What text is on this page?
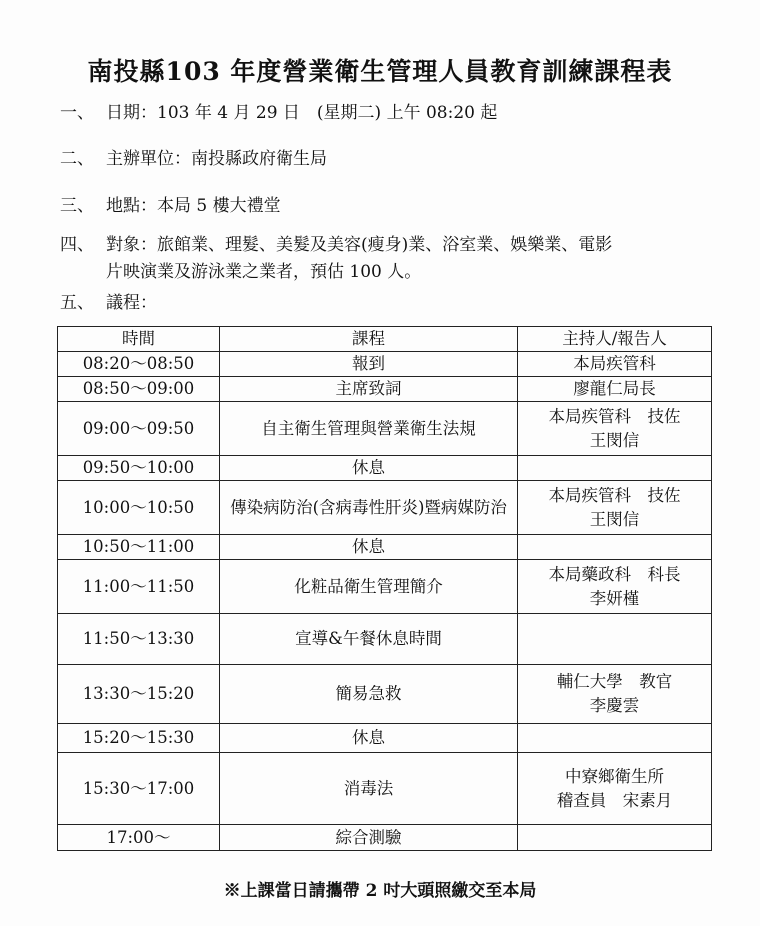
南投縣103 年度營業衛生管理人員教育訓練課程表
一、 日期：103 年 4 月 29 日　(星期二) 上午 08:20 起
二、 主辦單位：南投縣政府衛生局
三、 地點：本局 5 樓大禮堂
四、 對象：旅館業、理髮、美髮及美容(瘦身)業、浴室業、娛樂業、電影
片映演業及游泳業之業者，預估 100 人。
五、 議程：
時間	課程	主持人/報告人
08:20～08:50	報到	本局疾管科

08:50～09:00	主席致詞	廖龍仁局長

09:00～09:50	自主衛生管理與營業衛生法規	本局疾管科　技佐
王閔信

09:50～10:00	休息	
10:00～10:50	傳染病防治(含病毒性肝炎)暨病媒防治	本局疾管科　技佐
王閔信

10:50～11:00	休息	
11:00～11:50	化粧品衛生管理簡介	本局藥政科　科長
李妍槿

11:50～13:30	宣導&午餐休息時間	
13:30～15:20	簡易急救	輔仁大學　教官
李慶雲

15:20～15:30	休息	
15:30～17:00	消毒法	中寮鄉衛生所
稽查員　宋素月

17:00～	綜合測驗	
※上課當日請攜帶 2 吋大頭照繳交至本局
